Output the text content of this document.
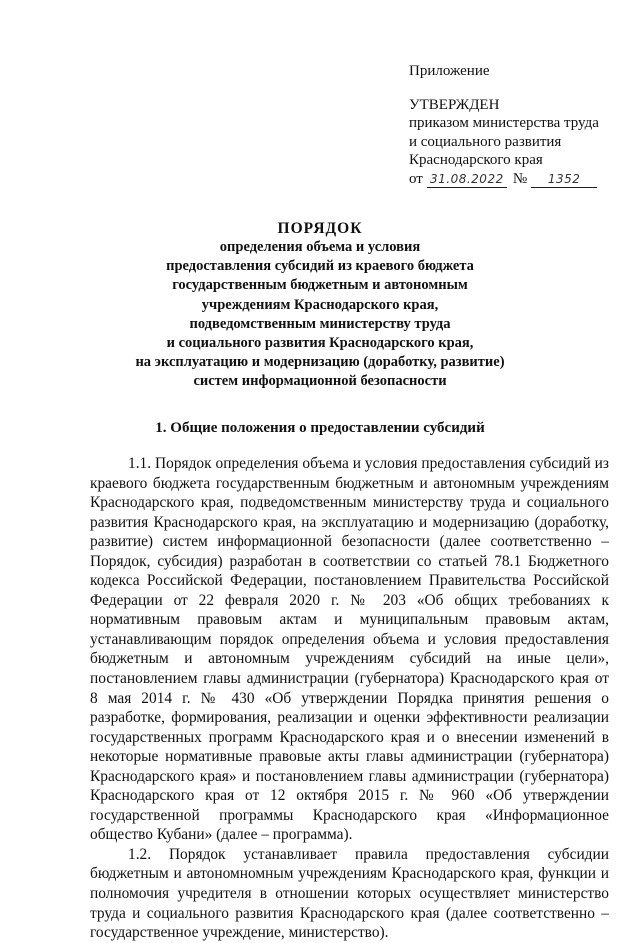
Приложение
УТВЕРЖДЕН
приказом министерства труда
и социального развития
Краснодарского края
от 31.08.2022 №	1352
ПОРЯДОК
определения объема и условия
предоставления субсидий из краевого бюджета
государственным бюджетным и автономным
учреждениям Краснодарского края,
подведомственным министерству труда
и социального развития Краснодарского края,
на эксплуатацию и модернизацию (доработку, развитие)
систем информационной безопасности
1. Общие положения о предоставлении субсидий

1.1. Порядок определения объема и условия предоставления субсидий из краевого бюджета государственным бюджетным и автономным учреждениям Краснодарского края, подведомственным министерству труда и социального развития Краснодарского края, на эксплуатацию и модернизацию (доработку, развитие) систем информационной безопасности (далее соответственно – Порядок, субсидия) разработан в соответствии со статьей 78.1 Бюджетного кодекса Российской Федерации, постановлением Правительства Российской Федерации от 22 февраля 2020 г. № 203 «Об общих требованиях к нормативным правовым актам и муниципальным правовым актам, устанавливающим порядок определения объема и условия предоставления бюджетным и автономным учреждениям субсидий на иные цели», постановлением главы администрации (губернатора) Краснодарского края от 8 мая 2014 г. № 430 «Об утверждении Порядка принятия решения о разработке, формирования, реализации и оценки эффективности реализации государственных программ Краснодарского края и о внесении изменений в некоторые нормативные правовые акты главы администрации (губернатора) Краснодарского края» и постановлением главы администрации (губернатора) Краснодарского края от 12 октября 2015 г. № 960 «Об утверждении государственной программы Краснодарского края «Информационное общество Кубани» (далее – программа).

1.2. Порядок устанавливает правила предоставления субсидии бюджетным и автономномным учреждениям Краснодарского края, функции и полномочия учредителя в отношении которых осуществляет министерство труда и социального развития Краснодарского края (далее соответственно – государственное учреждение, министерство).
